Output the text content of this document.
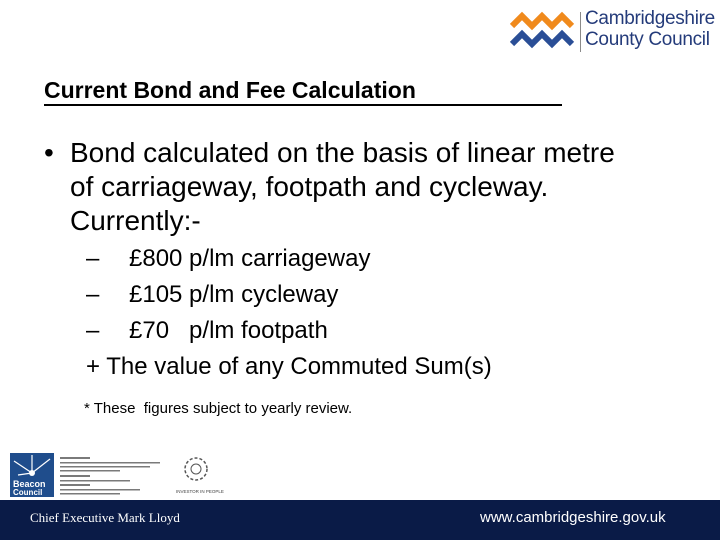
Cambridgeshire
County Council
Current Bond and Fee Calculation
• Bond calculated on the basis of linear metre of carriageway, footpath and cycleway. Currently:-
– £800 p/lm carriageway
– £105 p/lm cycleway
– £70   p/lm footpath
+ The value of any Commuted Sum(s)
* These  figures subject to yearly review.
Beacon
Council	INVESTOR IN PEOPLE
Chief Executive Mark Lloyd	www.cambridgeshire.gov.uk
